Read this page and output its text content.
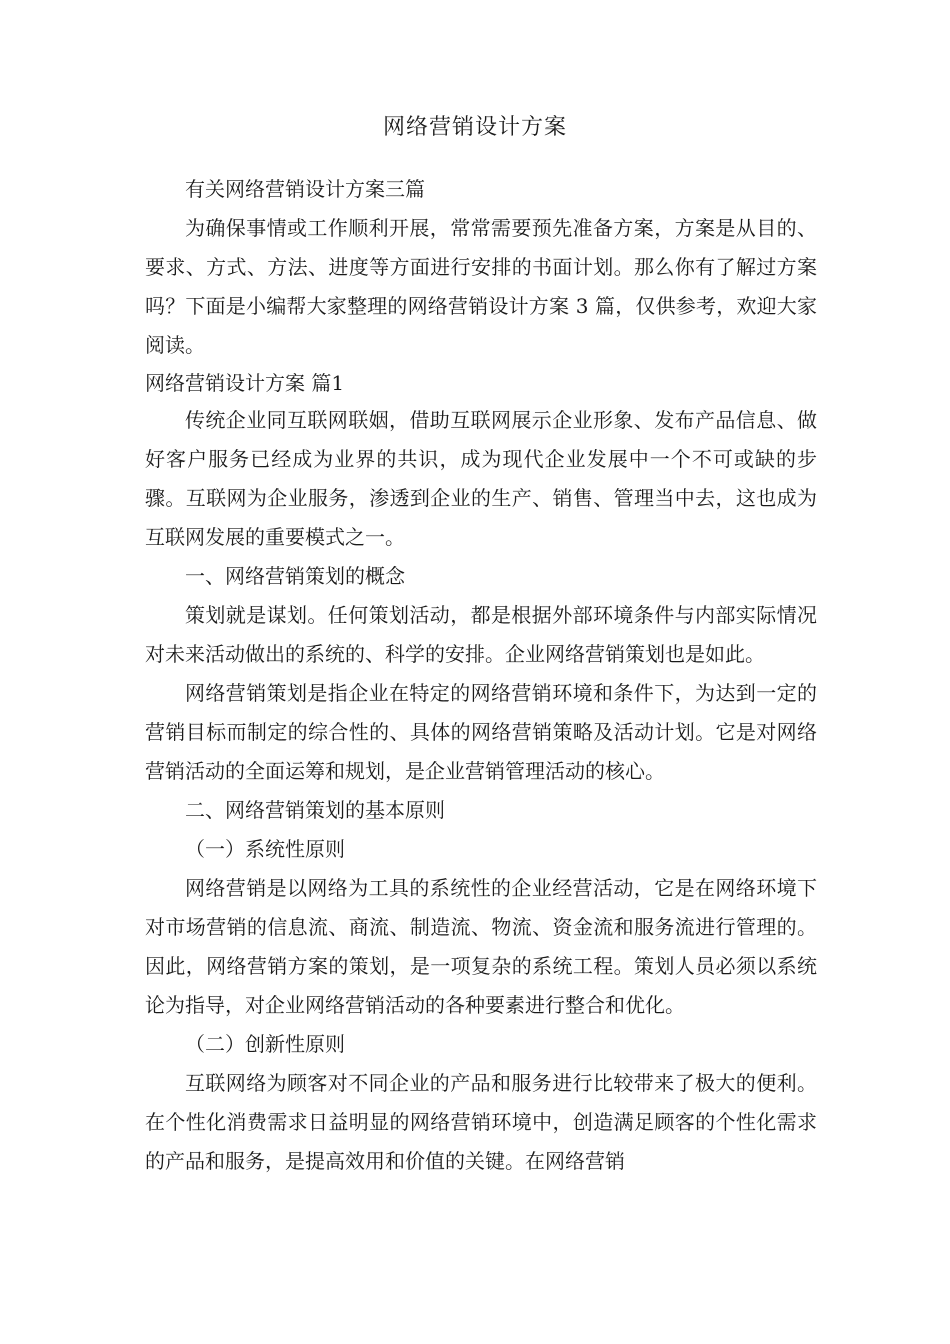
网络营销设计方案

有关网络营销设计方案三篇

为确保事情或工作顺利开展，常常需要预先准备方案，方案是从目的、要求、方式、方法、进度等方面进行安排的书面计划。那么你有了解过方案吗？下面是小编帮大家整理的网络营销设计方案 3 篇，仅供参考，欢迎大家阅读。

网络营销设计方案 篇1

传统企业同互联网联姻，借助互联网展示企业形象、发布产品信息、做好客户服务已经成为业界的共识，成为现代企业发展中一个不可或缺的步骤。互联网为企业服务，渗透到企业的生产、销售、管理当中去，这也成为互联网发展的重要模式之一。

一、网络营销策划的概念

策划就是谋划。任何策划活动，都是根据外部环境条件与内部实际情况对未来活动做出的系统的、科学的安排。企业网络营销策划也是如此。

网络营销策划是指企业在特定的网络营销环境和条件下，为达到一定的营销目标而制定的综合性的、具体的网络营销策略及活动计划。它是对网络营销活动的全面运筹和规划，是企业营销管理活动的核心。

二、网络营销策划的基本原则

（一）系统性原则

网络营销是以网络为工具的系统性的企业经营活动，它是在网络环境下对市场营销的信息流、商流、制造流、物流、资金流和服务流进行管理的。因此，网络营销方案的策划，是一项复杂的系统工程。策划人员必须以系统论为指导，对企业网络营销活动的各种要素进行整合和优化。

（二）创新性原则

互联网络为顾客对不同企业的产品和服务进行比较带来了极大的便利。在个性化消费需求日益明显的网络营销环境中，创造满足顾客的个性化需求的产品和服务，是提高效用和价值的关键。在网络营销
